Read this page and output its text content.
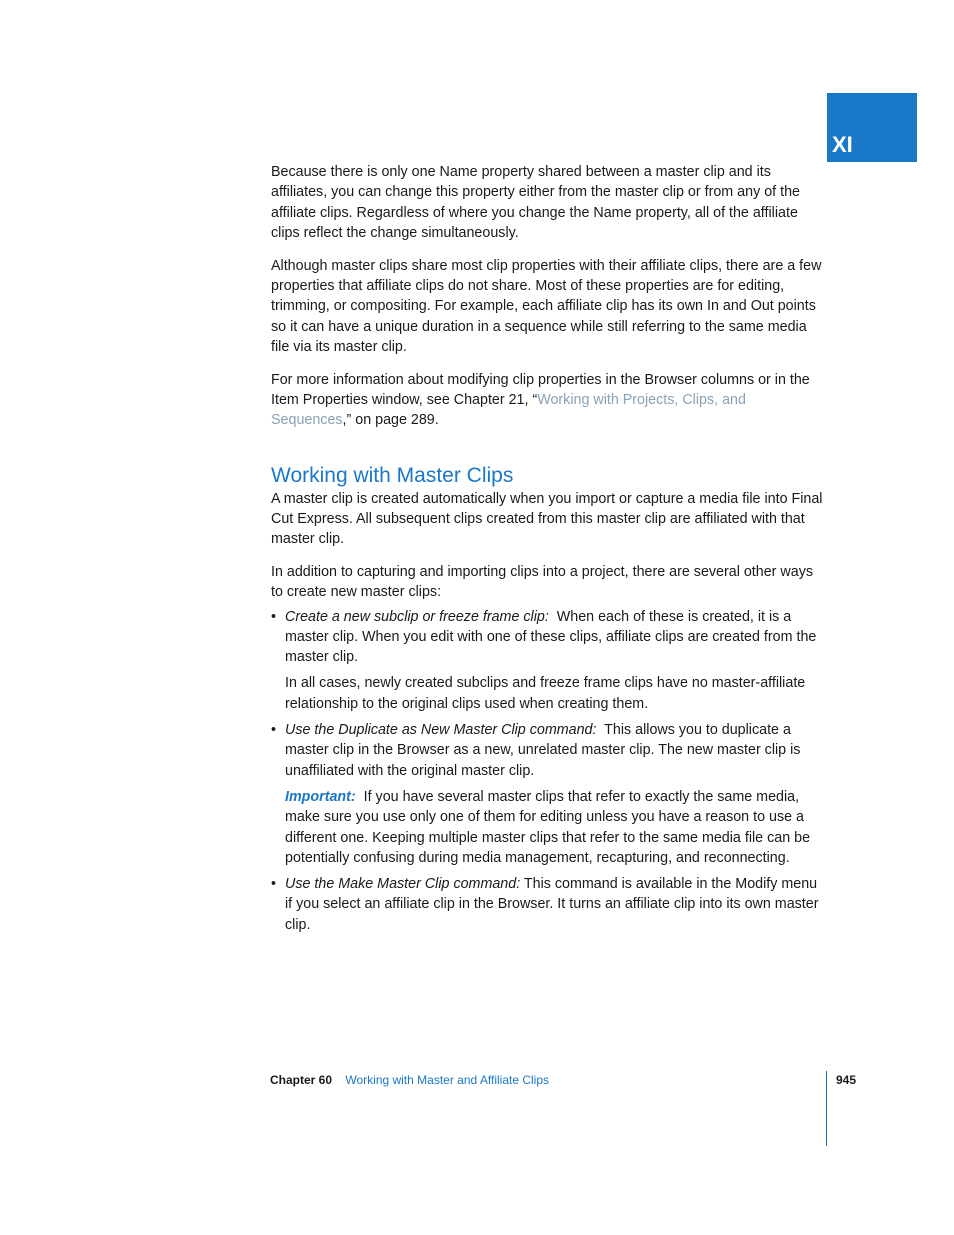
XI

Because there is only one Name property shared between a master clip and its affiliates, you can change this property either from the master clip or from any of the affiliate clips. Regardless of where you change the Name property, all of the affiliate clips reflect the change simultaneously.

Although master clips share most clip properties with their affiliate clips, there are a few properties that affiliate clips do not share. Most of these properties are for editing, trimming, or compositing. For example, each affiliate clip has its own In and Out points so it can have a unique duration in a sequence while still referring to the same media file via its master clip.

For more information about modifying clip properties in the Browser columns or in the Item Properties window, see Chapter 21, “Working with Projects, Clips, and Sequences,” on page 289.

Working with Master Clips

A master clip is created automatically when you import or capture a media file into Final Cut Express. All subsequent clips created from this master clip are affiliated with that master clip.

In addition to capturing and importing clips into a project, there are several other ways to create new master clips:

• Create a new subclip or freeze frame clip: When each of these is created, it is a master clip. When you edit with one of these clips, affiliate clips are created from the master clip.

In all cases, newly created subclips and freeze frame clips have no master-affiliate relationship to the original clips used when creating them.

• Use the Duplicate as New Master Clip command: This allows you to duplicate a master clip in the Browser as a new, unrelated master clip. The new master clip is unaffiliated with the original master clip.

Important: If you have several master clips that refer to exactly the same media, make sure you use only one of them for editing unless you have a reason to use a different one. Keeping multiple master clips that refer to the same media file can be potentially confusing during media management, recapturing, and reconnecting.

• Use the Make Master Clip command: This command is available in the Modify menu if you select an affiliate clip in the Browser. It turns an affiliate clip into its own master clip.

Chapter 60 Working with Master and Affiliate Clips	945
